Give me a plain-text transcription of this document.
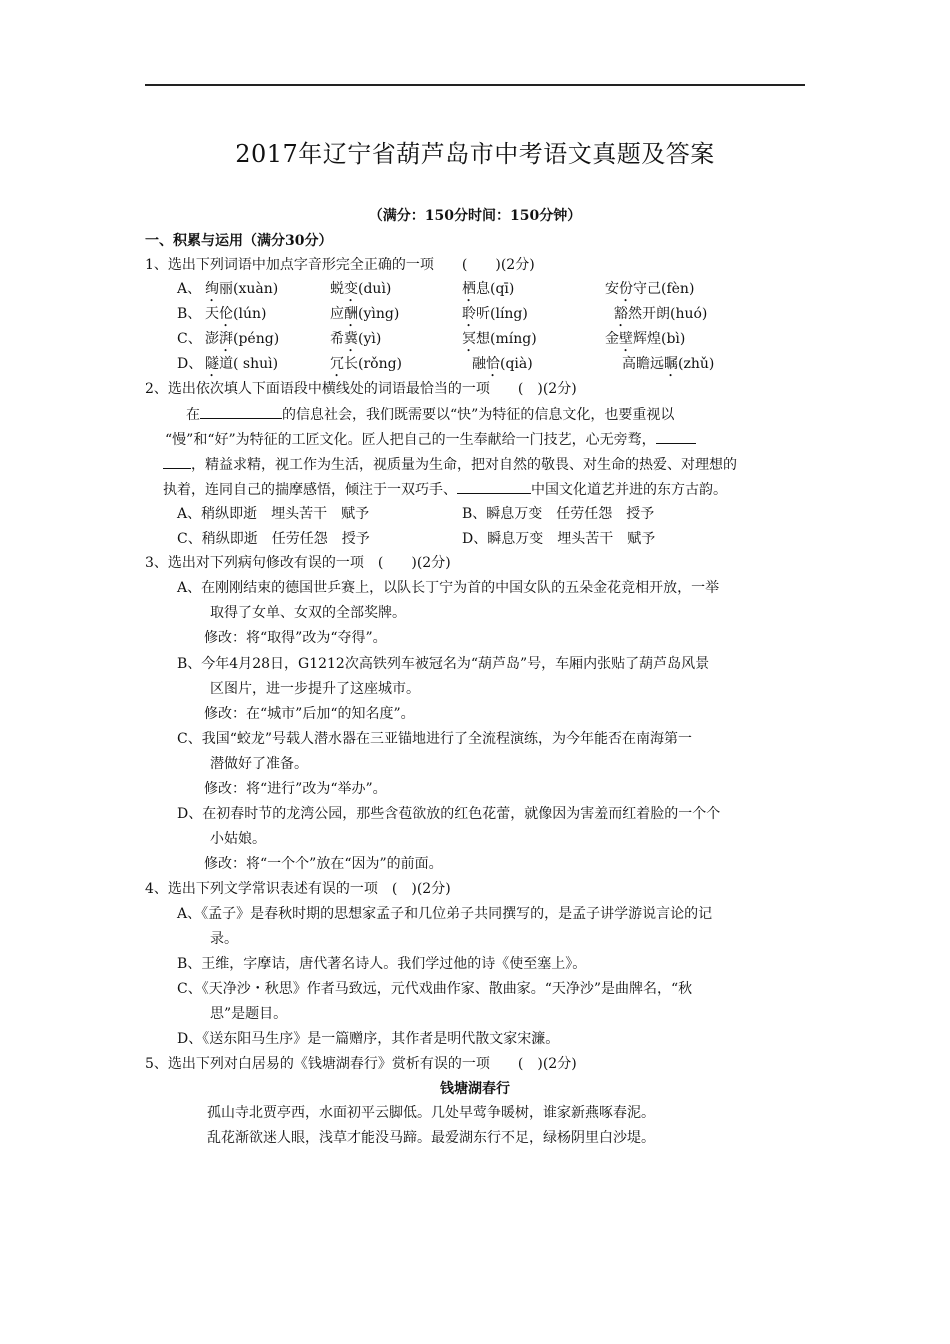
2017年辽宁省葫芦岛市中考语文真题及答案
（满分：150分时间：150分钟）
一、积累与运用（满分30分）
1、选出下列词语中加点字音形完全正确的一项　　(　　)(2分)
A、 绚丽(xuàn)	蜕变(duì)	栖息(qī)	安份守己(fèn)
B、 天伦(lún)	应酬(yìng)	聆听(líng)	豁然开朗(huó)
C、 澎湃(péng)	希冀(yì)	冥想(míng)	金壁辉煌(bì)
D、 隧道( shuì)	冗长(rǒng)	融恰(qià)	高瞻远瞩(zhǔ)
2、选出依次填人下面语段中横线处的词语最恰当的一项　　(　)(2分)
在	的信息社会，我们既需要以“快”为特征的信息文化，也要重视以
“慢”和“好”为特征的工匠文化。匠人把自己的一生奉献给一门技艺，心无旁骛，
，精益求精，视工作为生活，视质量为生命，把对自然的敬畏、对生命的热爱、对理想的
执着，连同自己的揣摩感悟，倾注于一双巧手、	中国文化道艺并进的东方古韵。
A、稍纵即逝　埋头苦干　赋予	B、瞬息万变　任劳任怨　授予
C、稍纵即逝　任劳任怨　授予	D、瞬息万变　埋头苦干　赋予
3、选出对下列病句修改有误的一项　(　　)(2分)
A、在刚刚结束的德国世乒赛上，以队长丁宁为首的中国女队的五朵金花竞相开放，一举
取得了女单、女双的全部奖牌。
修改：将“取得”改为“夺得”。
B、今年4月28日，G1212次高铁列车被冠名为“葫芦岛”号，车厢内张贴了葫芦岛风景
区图片，进一步提升了这座城市。
修改：在“城市”后加“的知名度”。
C、我国“蛟龙”号载人潜水器在三亚锚地进行了全流程演练，为今年能否在南海第一
潜做好了准备。
修改：将“进行”改为“举办”。
D、在初春时节的龙湾公园，那些含苞欲放的红色花蕾，就像因为害羞而红着脸的一个个
小姑娘。
修改：将“一个个”放在“因为”的前面。
4、选出下列文学常识表述有误的一项　(　)(2分)
A、《孟子》是春秋时期的思想家孟子和几位弟子共同撰写的，是孟子讲学游说言论的记
录。
B、王维，字摩诘，唐代著名诗人。我们学过他的诗《使至塞上》。
C、《天净沙・秋思》作者马致远，元代戏曲作家、散曲家。“天净沙”是曲牌名，“秋
思”是题目。
D、《送东阳马生序》是一篇赠序，其作者是明代散文家宋濂。
5、选出下列对白居易的《钱塘湖春行》赏析有误的一项　　(　)(2分)
钱塘湖春行
孤山寺北贾亭西，水面初平云脚低。几处早莺争暖树，谁家新燕啄春泥。
乱花渐欲迷人眼，浅草才能没马蹄。最爱湖东行不足，绿杨阴里白沙堤。
